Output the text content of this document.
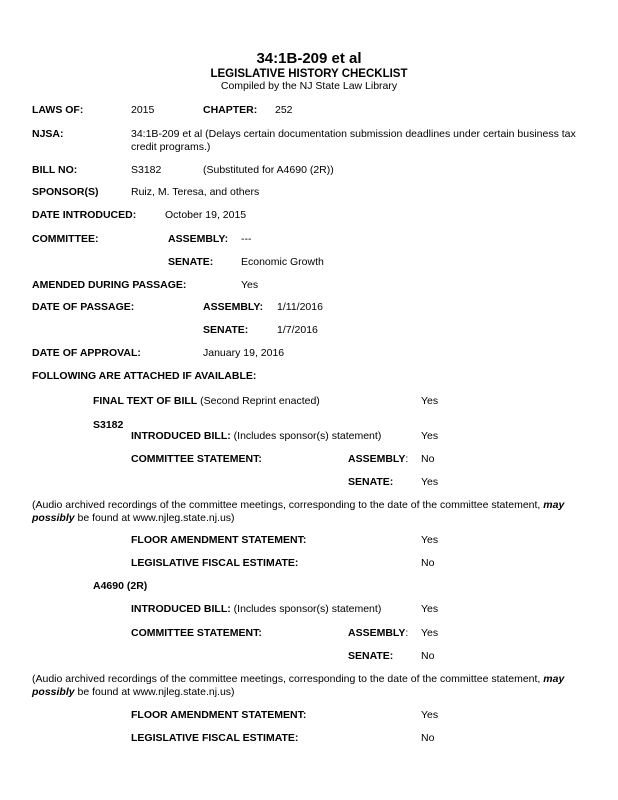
34:1B-209 et al
LEGISLATIVE HISTORY CHECKLIST
Compiled by the NJ State Law Library
LAWS OF:	2015	CHAPTER: 252
NJSA:	34:1B-209 et al (Delays certain documentation submission deadlines under certain business tax credit programs.)
BILL NO:	S3182	(Substituted for A4690 (2R))
SPONSOR(S)	Ruiz, M. Teresa, and others
DATE INTRODUCED:	October 19, 2015
COMMITTEE:	ASSEMBLY: ---
SENATE:	Economic Growth
AMENDED DURING PASSAGE:	Yes
DATE OF PASSAGE:	ASSEMBLY: 1/11/2016
SENATE:	1/7/2016
DATE OF APPROVAL:	January 19, 2016
FOLLOWING ARE ATTACHED IF AVAILABLE:
FINAL TEXT OF BILL (Second Reprint enacted)	Yes
S3182
INTRODUCED BILL: (Includes sponsor(s) statement)	Yes
COMMITTEE STATEMENT:	ASSEMBLY: No
SENATE:	Yes
(Audio archived recordings of the committee meetings, corresponding to the date of the committee statement, may possibly be found at www.njleg.state.nj.us)
FLOOR AMENDMENT STATEMENT:	Yes
LEGISLATIVE FISCAL ESTIMATE:	No
A4690 (2R)
INTRODUCED BILL: (Includes sponsor(s) statement)	Yes
COMMITTEE STATEMENT:	ASSEMBLY: Yes
SENATE:	No
(Audio archived recordings of the committee meetings, corresponding to the date of the committee statement, may possibly be found at www.njleg.state.nj.us)
FLOOR AMENDMENT STATEMENT:	Yes
LEGISLATIVE FISCAL ESTIMATE:	No
